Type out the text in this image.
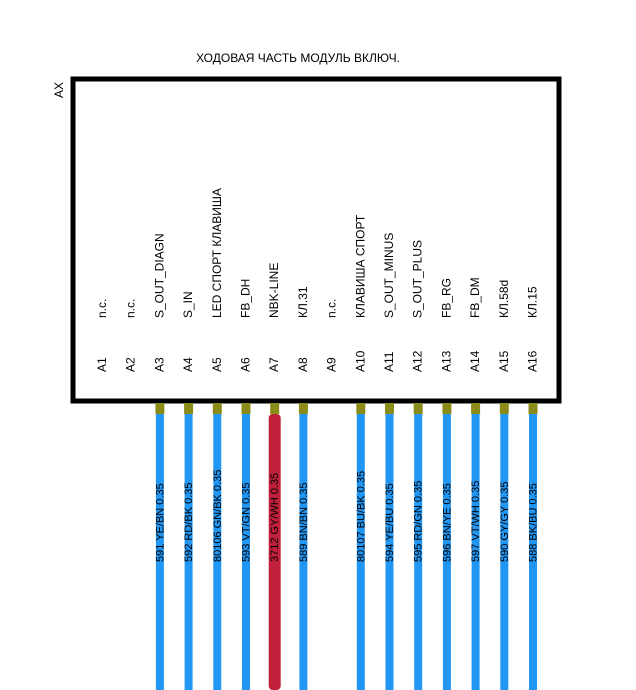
ХОДОВАЯ ЧАСТЬ МОДУЛЬ ВКЛЮЧ.
AX
A1
n.c.
A2
n.c.
A3
S_OUT_DIAGN
A4
S_IN
A5
LED СПОРТ КЛАВИША
A6
FB_DH
A7
NBK-LINE
A8
КЛ.31
A9
n.c.
A10
КЛАВИША СПОРТ
A11
S_OUT_MINUS
A12
S_OUT_PLUS
A13
FB_RG
A14
FB_DM
A15
КЛ.58d
A16
КЛ.15
591 YE/BN 0.35 592 RD/BK 0.35 80106 GN/BK 0.35 593 VT/GN 0.35 3712 GY/WH 0.35 589 BN/BN 0.35	80107 BU/BK 0.35 594 YE/BU 0.35 595 RD/GN 0.35 596 BN/YE 0.35 597 VT/WH 0.35 590 GY/GY 0.35 588 BK/BU 0.35
